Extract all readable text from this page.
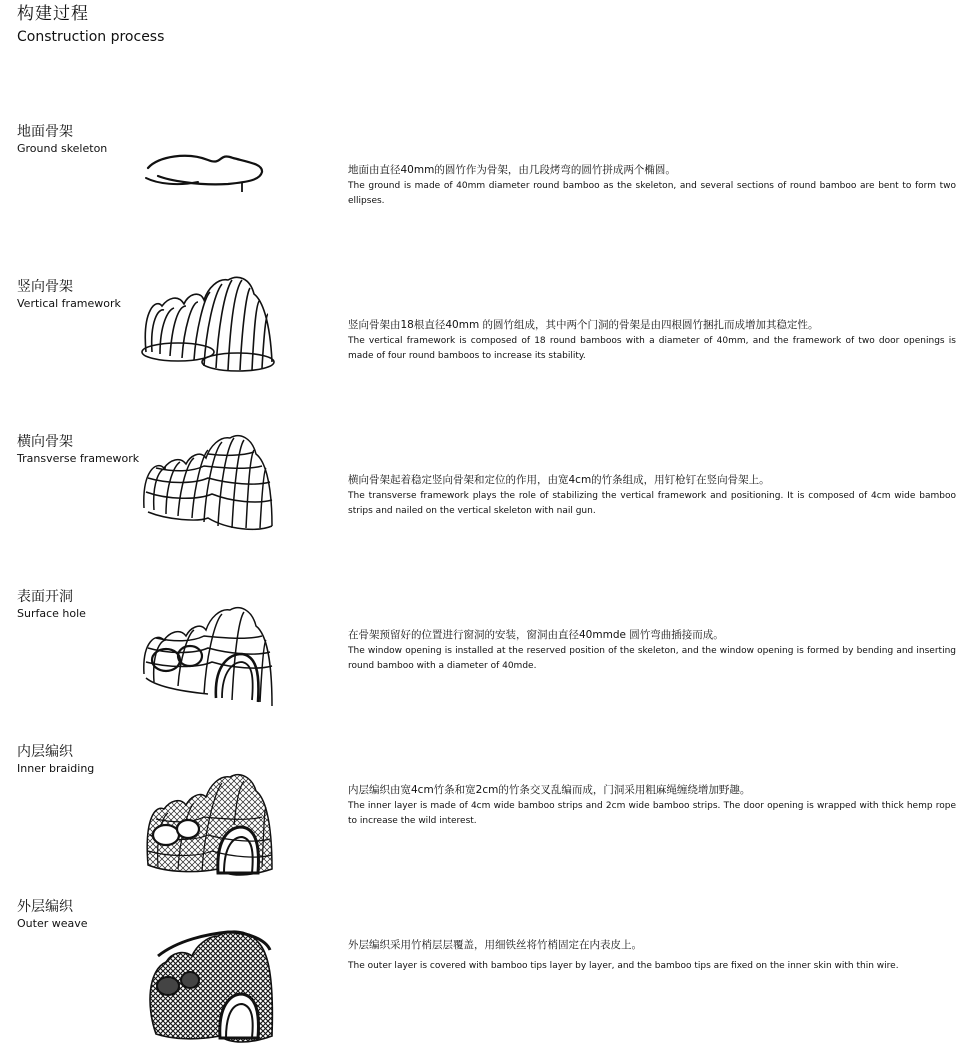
构建过程
Construction process
地面骨架
Ground skeleton

地面由直径40mm的圆竹作为骨架，由几段烤弯的圆竹拼成两个椭圆。

The ground is made of 40mm diameter round bamboo as the skeleton, and several sections of round bamboo are bent to form two ellipses.

竖向骨架
Vertical framework

竖向骨架由18根直径40mm 的圆竹组成，其中两个门洞的骨架是由四根圆竹捆扎而成增加其稳定性。

The vertical framework is composed of 18 round bamboos with a diameter of 40mm, and the framework of two door openings is made of four round bamboos to increase its stability.

横向骨架
Transverse framework

横向骨架起着稳定竖向骨架和定位的作用，由宽4cm的竹条组成，用钉枪钉在竖向骨架上。

The transverse framework plays the role of stabilizing the vertical framework and positioning. It is composed of 4cm wide bamboo strips and nailed on the vertical skeleton with nail gun.

表面开洞
Surface hole

在骨架预留好的位置进行窗洞的安装，窗洞由直径40mmde 圆竹弯曲插接而成。

The window opening is installed at the reserved position of the skeleton, and the window opening is formed by bending and inserting round bamboo with a diameter of 40mde.

内层编织
Inner braiding

内层编织由宽4cm竹条和宽2cm的竹条交叉乱编而成，门洞采用粗麻绳缠绕增加野趣。

The inner layer is made of 4cm wide bamboo strips and 2cm wide bamboo strips. The door opening is wrapped with thick hemp rope to increase the wild interest.

外层编织
Outer weave

外层编织采用竹梢层层覆盖，用细铁丝将竹梢固定在内表皮上。

The outer layer is covered with bamboo tips layer by layer, and the bamboo tips are fixed on the inner skin with thin wire.
